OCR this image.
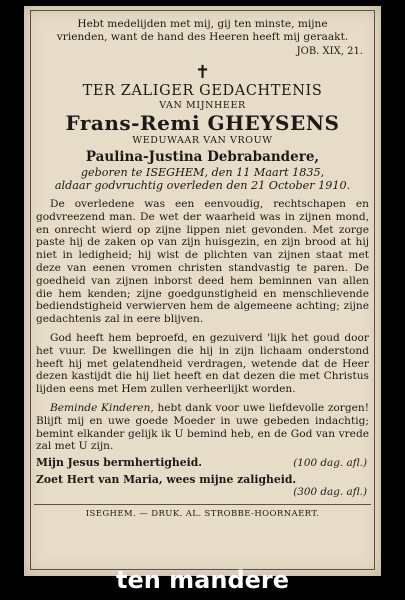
Hebt medelijden met mij, gij ten minste, mijne
vrienden, want de hand des Heeren heeft mij geraakt.
JOB. XIX, 21.
✝
TER ZALIGER GEDACHTENIS
VAN MIJNHEER
Frans-Remi GHEYSENS
WEDUWAAR VAN VROUW
Paulina-Justina Debrabandere,
geboren te ISEGHEM, den 11 Maart 1835,
aldaar godvruchtig overleden den 21 October 1910.
De overledene was een eenvoudig, rechtschapen en godvreezend man. De wet der waarheid was in zijnen mond, en onrecht wierd op zijne lippen niet gevonden. Met zorge paste hij de zaken op van zijn huisgezin, en zijn brood at hij niet in ledigheid; hij wist de plichten van zijnen staat met deze van eenen vromen christen standvastig te paren. De goedheid van zijnen inborst deed hem beminnen van allen die hem kenden; zijne goedgunstigheid en menschlievende bediendstigheid verwierven hem de algemeene achting; zijne gedachtenis zal in eere blijven.
God heeft hem beproefd, en gezuiverd 'lijk het goud door het vuur. De kwellingen die hij in zijn lichaam onderstond heeft hij met gelatendheid verdragen, wetende dat de Heer dezen kastijdt die hij liet heeft en dat dezen die met Christus lijden eens met Hem zullen verheerlijkt worden.
Beminde Kinderen, hebt dank voor uwe liefdevolle zorgen! Blijft mij en uwe goede Moeder in uwe gebeden indachtig; bemint elkander gelijk ik U bemind heb, en de God van vrede zal met U zijn.
Mijn Jesus bermhertigheid.	(100 dag. afl.)
Zoet Hert van Maria, wees mijne zaligheid.
(300 dag. afl.)
ISEGHEM. — DRUK. AL. STROBBE-HOORNAERT.
ten mandere
